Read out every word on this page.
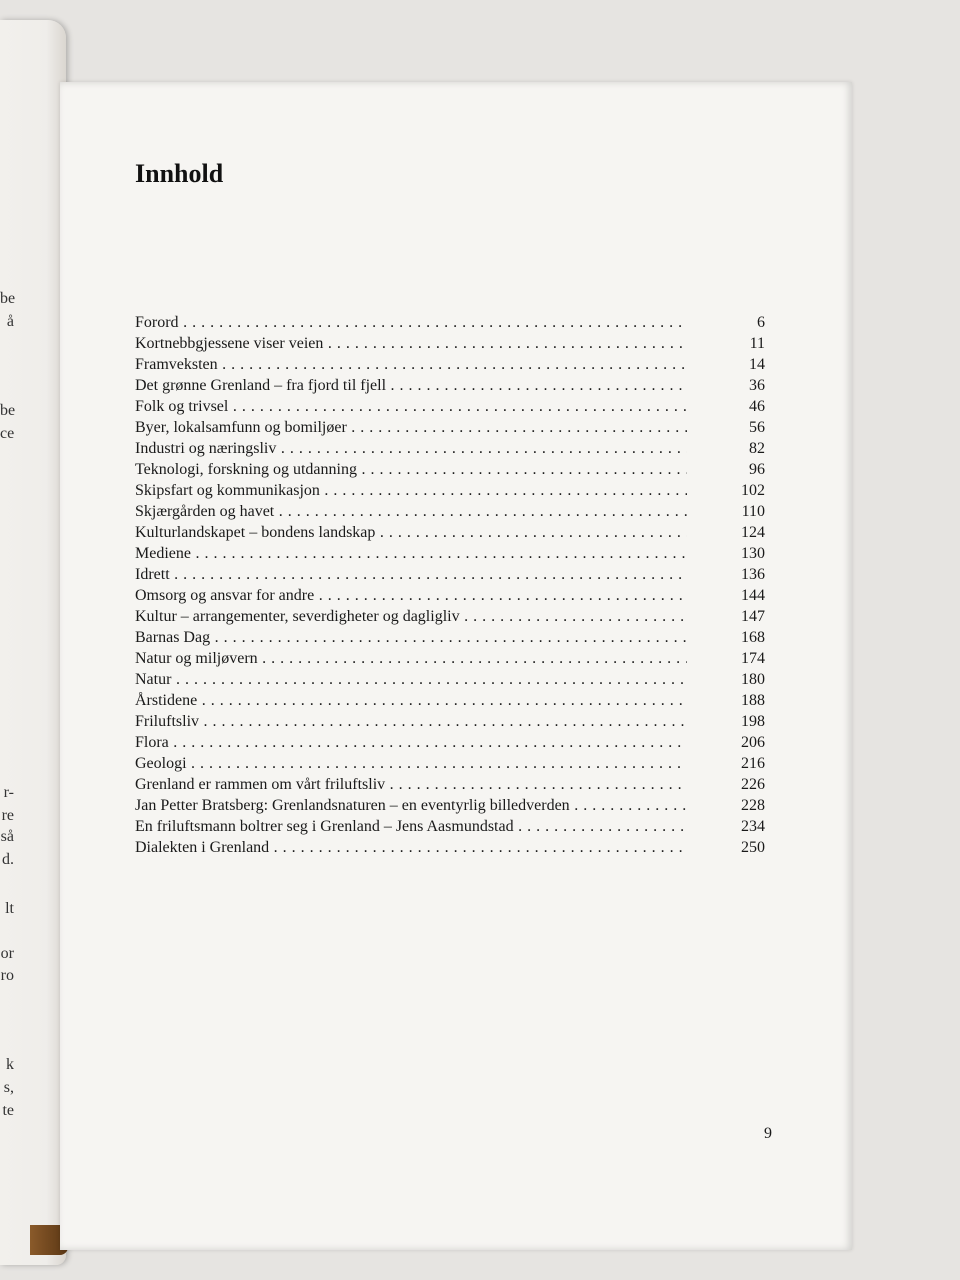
be
å
be
ce
r-
re
så
d.
lt
or
ro
k
s,
te
Innhold
Forord . . .	6
Kortnebbgjessene viser veien . . .	11
Framveksten . . .	14
Det grønne Grenland – fra fjord til fjell . . .	36
Folk og trivsel . . .	46
Byer, lokalsamfunn og bomiljøer . . .	56
Industri og næringsliv . . .	82
Teknologi, forskning og utdanning . . .	96
Skipsfart og kommunikasjon . . .	102
Skjærgården og havet . . .	110
Kulturlandskapet – bondens landskap . . .	124
Mediene . . .	130
Idrett . . .	136
Omsorg og ansvar for andre . . .	144
Kultur – arrangementer, severdigheter og dagligliv . . .	147
Barnas Dag . . .	168
Natur og miljøvern . . .	174
Natur . . .	180
Årstidene . . .	188
Friluftsliv . . .	198
Flora . . .	206
Geologi . . .	216
Grenland er rammen om vårt friluftsliv . . .	226
Jan Petter Bratsberg: Grenlandsnaturen – en eventyrlig billedverden . . .	228
En friluftsmann boltrer seg i Grenland – Jens Aasmundstad . . .	234
Dialekten i Grenland . . .	250
9
